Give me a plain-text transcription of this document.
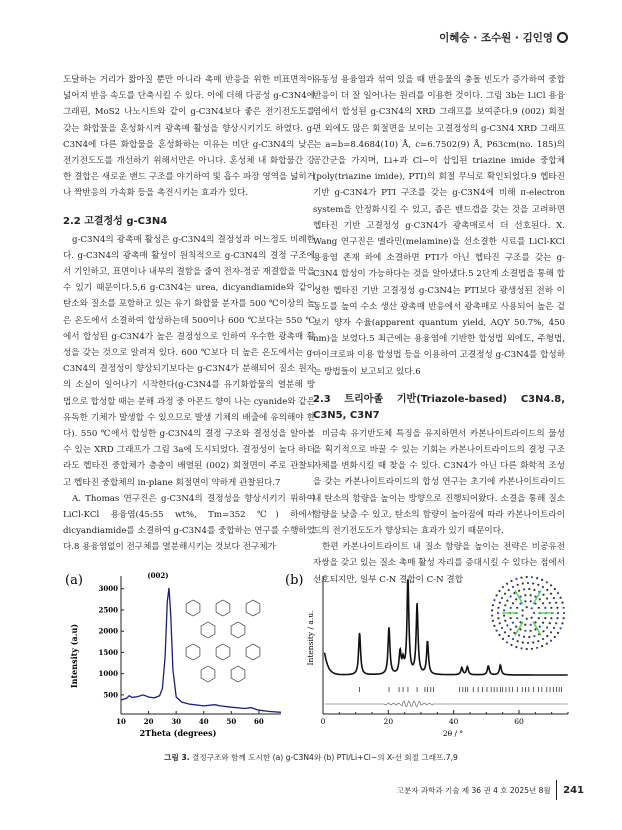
이혜승 · 조수원 · 김인영

도달하는 거리가 짧아질 뿐만 아니라 촉매 반응을 위한 비표면적이 넓어져 반응 속도를 단축시킬 수 있다. 이에 더해 다공성 g-C3N4에 그래핀, MoS2 나노시트와 같이 g-C3N4보다 좋은 전기전도도를 갖는 화합물을 혼성화시켜 광촉매 활성을 향상시키기도 하였다. g-C3N4에 다른 화합물을 혼성화하는 이유는 비단 g-C3N4의 낮은 전기전도도를 개선하기 위해서만은 아니다. 혼성체 내 화합물간 강한 결합은 새로운 밴드 구조를 야기하여 빛 흡수 파장 영역을 넓히거나 짝반응의 가속화 등을 촉진시키는 효과가 있다.

2.2 고결정성 g-C3N4

g-C3N4의 광촉매 활성은 g-C3N4의 결정성과 어느정도 비례한다. g-C3N4의 광촉매 활성이 원칙적으로 g-C3N4의 결정 구조에서 기인하고, 표면이나 내부의 결함을 줄여 전자-정공 재결합을 막을 수 있기 때문이다.5,6 g-C3N4는 urea, dicyandiamide와 같이 탄소와 질소를 포함하고 있는 유기 화합물 분자를 500 ℃이상의 높은 온도에서 소결하여 합성하는데 500이나 600 ℃보다는 550 ℃에서 합성된 g-C3N4가 높은 결정성으로 인하여 우수한 광촉매 활성을 갖는 것으로 알려져 있다. 600 ℃보다 더 높은 온도에서는 g-C3N4의 결정성이 향상되기보다는 g-C3N4가 분해되어 질소 원자의 소실이 일어나기 시작한다(g-C3N4를 유기화합물의 열분해 방법으로 합성할 때는 분해 과정 중 아몬드 향이 나는 cyanide와 같은 유독한 기체가 발생할 수 있으므로 발생 기체의 배출에 유의해야 한다). 550 ℃에서 합성한 g-C3N4의 결정 구조와 결정성을 알아볼 수 있는 XRD 그래프가 그림 3a에 도시되었다. 결정성이 높다 하더라도 헵타진 중합체가 층층이 배열된 (002) 회절면이 주로 관찰되고 헵타진 중합체의 in-plane 회절면이 약하게 관찰된다.7

A. Thomas 연구진은 g-C3N4의 결정성을 향상시키기 위하여 LiCl-KCl 용융염(45:55 wt%, Tm=352 ℃) 하에서 dicyandiamide를 소결하여 g-C3N4를 중합하는 연구를 수행하였다.8 용융염없이 전구체를 열분해시키는 것보다 전구체가

유동성 용융염과 섞여 있을 때 반응물의 충돌 빈도가 증가하여 중합 반응이 더 잘 일어나는 원리를 이용한 것이다. 그림 3b는 LiCl 용융염에서 합성된 g-C3N4의 XRD 그래프를 보여준다.9 (002) 회절면 외에도 많은 회절면을 보이는 고결정성의 g-C3N4 XRD 그래프는 a=b=8.4684(10) Å, c=6.7502(9) Å, P63cm(no. 185)의 공간군을 가지며, Li+과 Cl−이 삽입된 triazine imide 중합체(poly(triazine imide), PTI)의 회절 무늬로 확인되었다.9 헵타진 기반 g-C3N4가 PTI 구조를 갖는 g-C3N4에 비해 π-electron system을 안정화시킬 수 있고, 좁은 밴드갭을 갖는 것을 고려하면 헵타진 기반 고결정성 g-C3N4가 광촉매로서 더 선호된다. X. Wang 연구진은 멜라민(melamine)을 선소결한 시료를 LiCl-KCl 용융염 존재 하에 소결하면 PTI가 아닌 헵타진 구조를 갖는 g-C3N4 합성이 가능하다는 것을 알아냈다.5 2단계 소결법을 통해 합성한 헵타진 기반 고결정성 g-C3N4는 PTI보다 광생성된 전하 이동도를 높여 수소 생산 광촉매 반응에서 광촉매로 사용되어 높은 겉보기 양자 수율(apparent quantum yield, AQY 50.7%, 450 nm)을 보였다.5 최근에는 용융염에 기반한 합성법 외에도, 주형법, 마이크로파 이용 합성법 등을 이용하여 고결정성 g-C3N4를 합성하는 방법들이 보고되고 있다.6

2.3 트리아졸 기반(Triazole-based) C3N4.8, C3N5, C3N7

비금속 유기반도체 특징을 유지하면서 카본나이트라이드의 물성을 획기적으로 바꿀 수 있는 기회는 카본나이트라이드의 결정 구조 자체를 변화시킬 때 찾을 수 있다. C3N4가 아닌 다른 화학적 조성을 갖는 카본나이트라이드의 합성 연구는 초기에 카본나이트라이드 내 탄소의 함량을 높이는 방향으로 진행되어왔다. 소결을 통해 질소 함량을 낮출 수 있고, 탄소의 함량이 높아짐에 따라 카본나이트라이드의 전기전도도가 향상되는 효과가 있기 때문이다.

한편 카본나이트라이트 내 질소 함량을 높이는 전략은 비공유전자쌍을 갖고 있는 질소 촉매 활성 자리를 증대시킬 수 있다는 점에서 선호되지만, 일부 C-N 결합이 C-N 결합

(a)
500
1000
1500
2000
2500
3000
10	20	30	40	50	60
(002)
2Theta (degrees)
Intensity (a.u)
(b)
0	20	40	60
2θ / °
Intensity / a.u.
그림 3. 결정구조와 함께 도시한 (a) g-C3N4와 (b) PTI/Li+Cl−의 X-선 회절 그래프.7,9
고분자 과학과 기술 제 36 권 4 호 2025년 8월 241
